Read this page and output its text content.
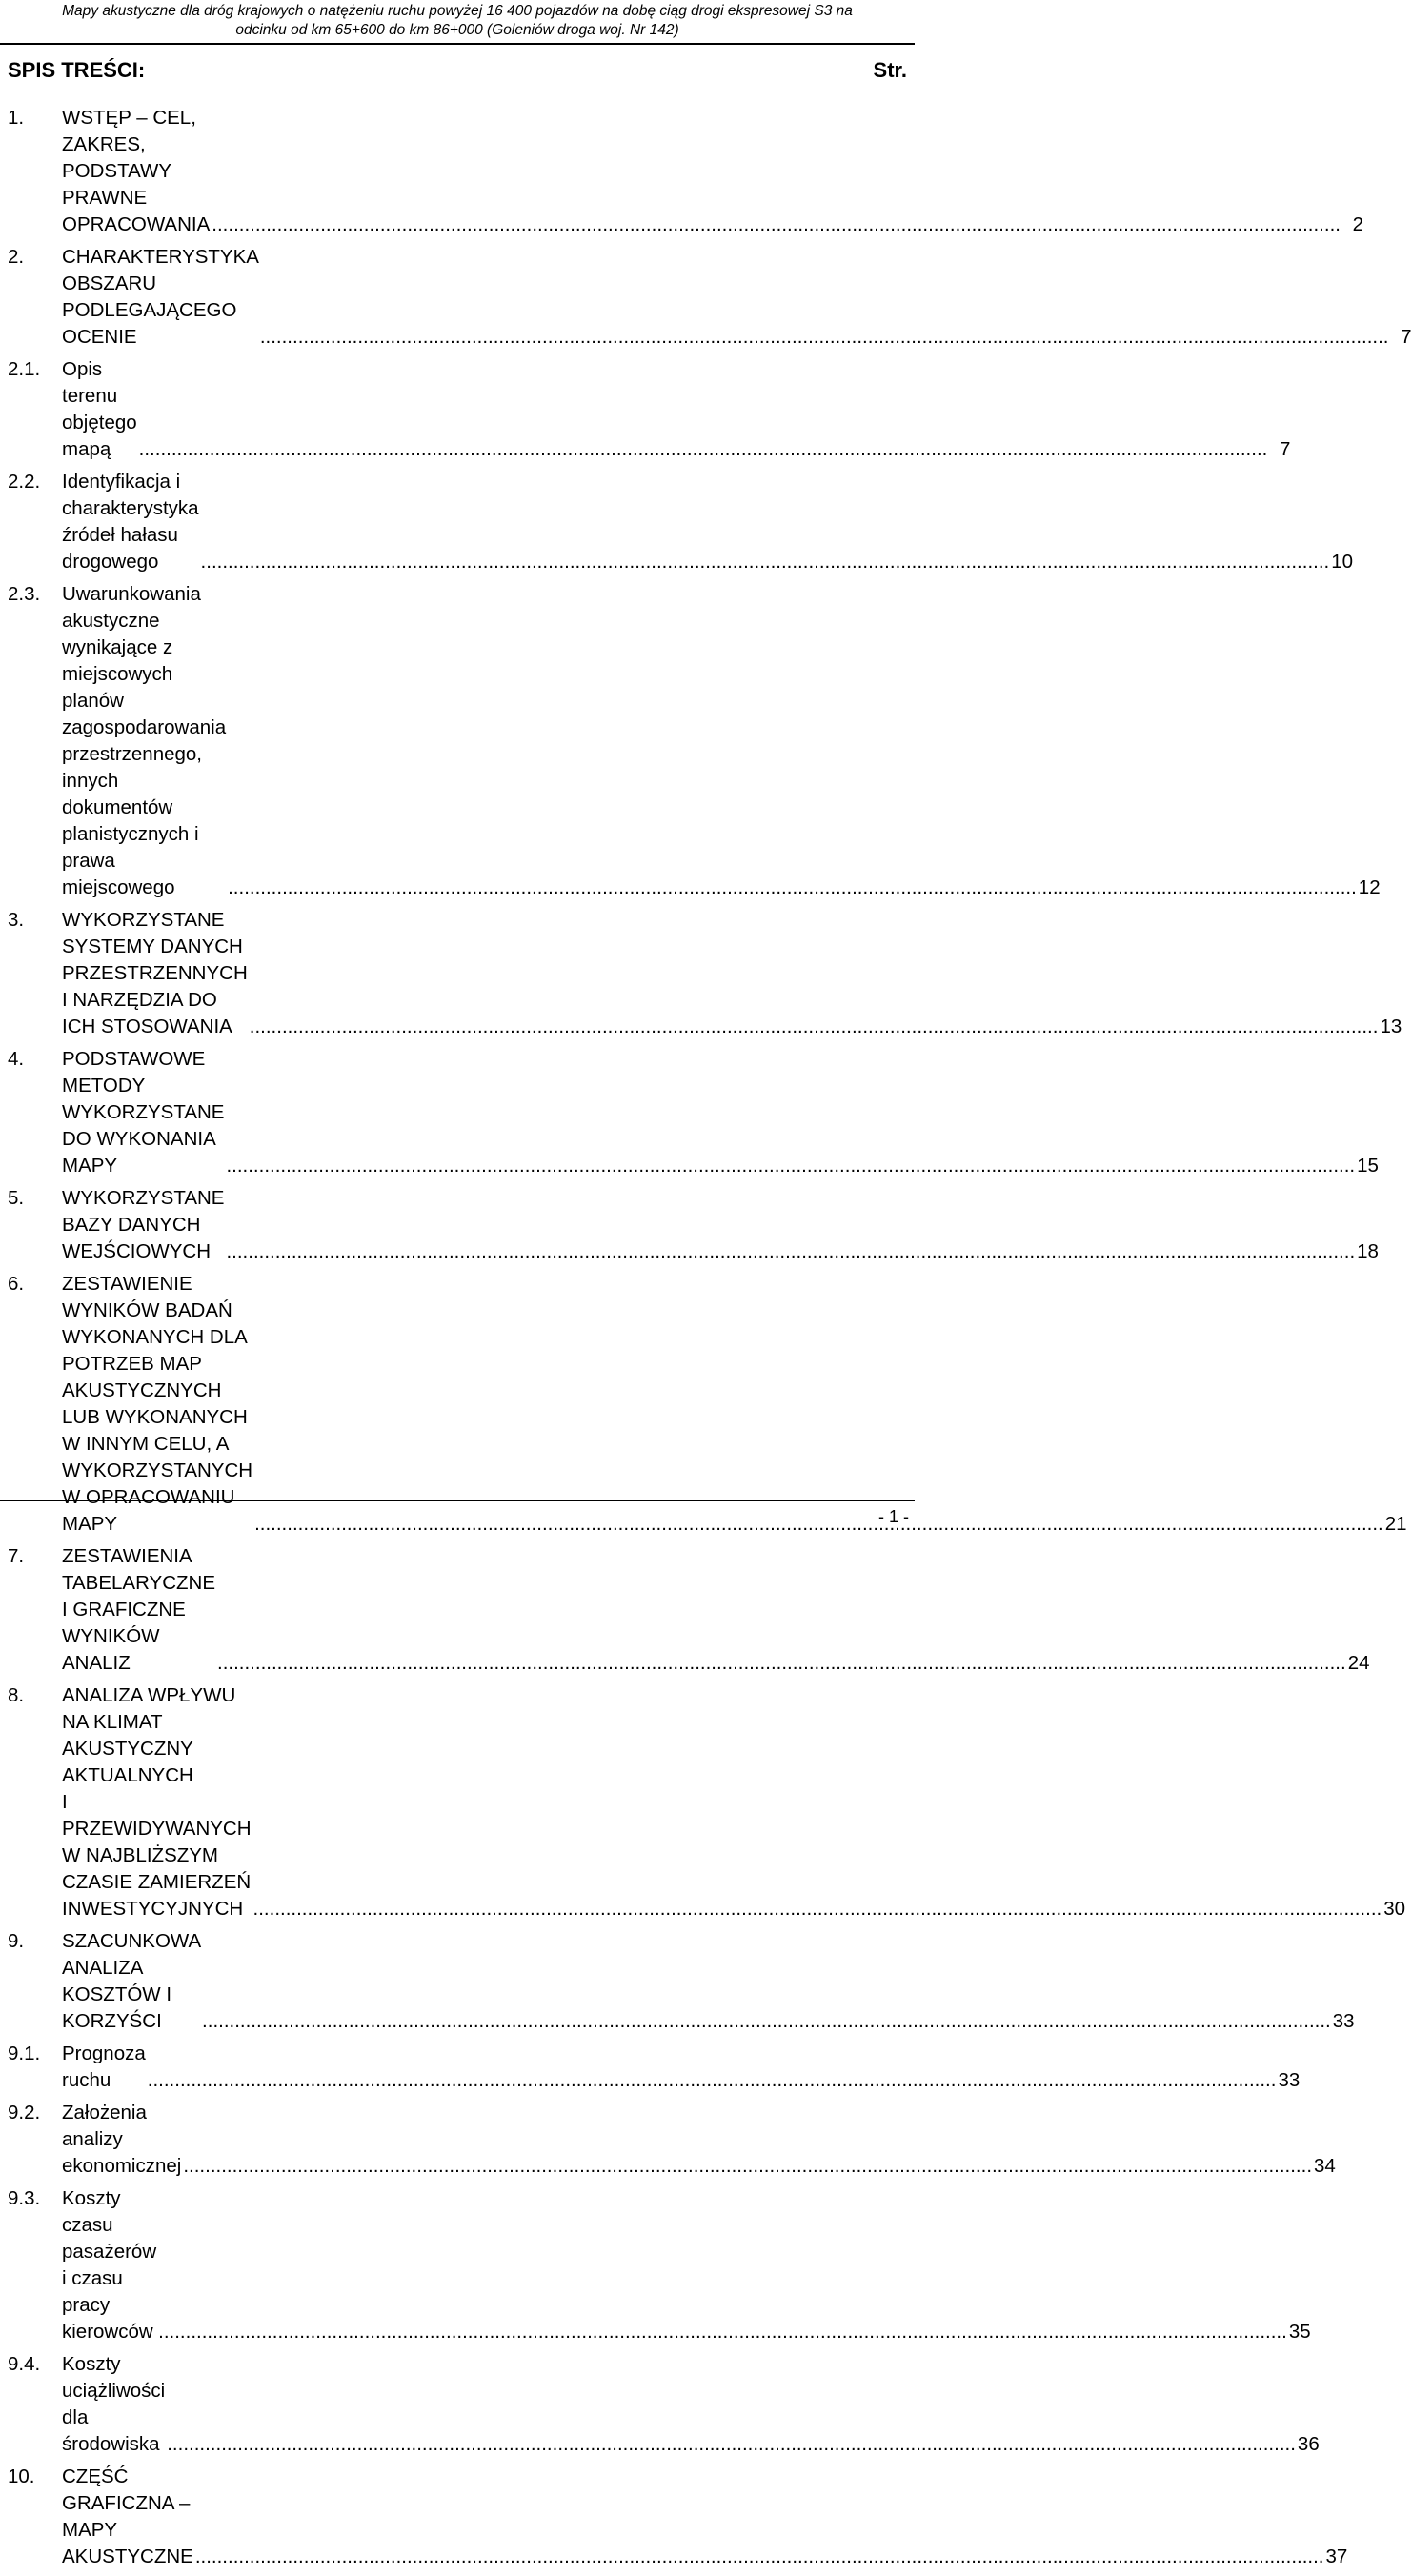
Mapy akustyczne dla dróg krajowych o natężeniu ruchu powyżej 16 400 pojazdów na dobę ciąg drogi ekspresowej S3 na
odcinku od km 65+600 do km 86+000 (Goleniów droga woj. Nr 142)
SPIS TREŚCI:	Str.
1.	WSTĘP – CEL, ZAKRES, PODSTAWY PRAWNE OPRACOWANIA .....	2
2.	CHARAKTERYSTYKA OBSZARU PODLEGAJĄCEGO OCENIE .....	7
2.1.	Opis terenu objętego mapą .....	7
2.2.	Identyfikacja i charakterystyka źródeł hałasu drogowego .....	10
2.3.	Uwarunkowania akustyczne wynikające z miejscowych planów
zagospodarowania przestrzennego, innych dokumentów planistycznych i
prawa miejscowego .....	12
3.	WYKORZYSTANE SYSTEMY DANYCH PRZESTRZENNYCH
I NARZĘDZIA DO ICH STOSOWANIA .....	13
4.	PODSTAWOWE METODY WYKORZYSTANE DO WYKONANIA MAPY .....	15
5.	WYKORZYSTANE BAZY DANYCH WEJŚCIOWYCH .....	18
6.	ZESTAWIENIE WYNIKÓW BADAŃ WYKONANYCH DLA POTRZEB MAP
AKUSTYCZNYCH LUB WYKONANYCH W INNYM CELU, A
WYKORZYSTANYCH W OPRACOWANIU MAPY .....	21
7.	ZESTAWIENIA TABELARYCZNE I GRAFICZNE WYNIKÓW ANALIZ .....	24
8.	ANALIZA WPŁYWU NA KLIMAT AKUSTYCZNY AKTUALNYCH
I PRZEWIDYWANYCH W NAJBLIŻSZYM CZASIE ZAMIERZEŃ
INWESTYCYJNYCH .....	30
9.	SZACUNKOWA ANALIZA KOSZTÓW I KORZYŚCI .....	33
9.1.	Prognoza ruchu .....	33
9.2.	Założenia analizy ekonomicznej .....	34
9.3.	Koszty czasu pasażerów i czasu pracy kierowców .....	35
9.4.	Koszty uciążliwości dla środowiska .....	36
10.	CZĘŚĆ GRAFICZNA – MAPY AKUSTYCZNE .....	37
- 1 -
